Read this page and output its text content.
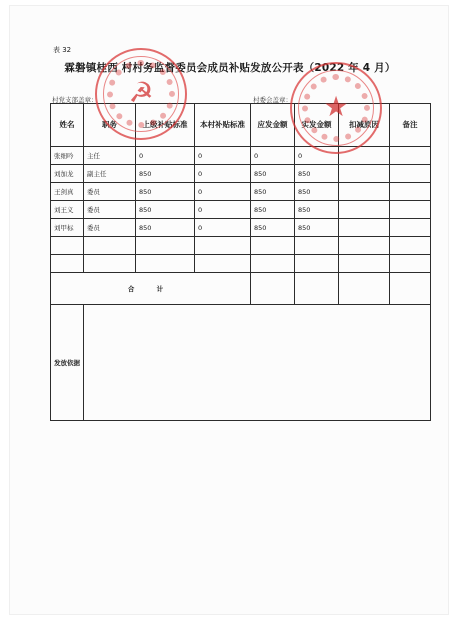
表 32
霖磐镇桂西 村村务监督委员会成员补贴发放公开表（2022 年 4 月）
村党支部盖章：	村委会盖章：
姓名	职务	上级补贴标准	本村补贴标准	应发金额	实发金额	扣减原因	备注
张细吟	主任	0	0	0	0		
刘加龙	副主任	850	0	850	850		
王剑真	委员	850	0	850	850		
刘王义	委员	850	0	850	850		
刘甲标	委员	850	0	850	850		

合 计							
发放依据							
☭	★
